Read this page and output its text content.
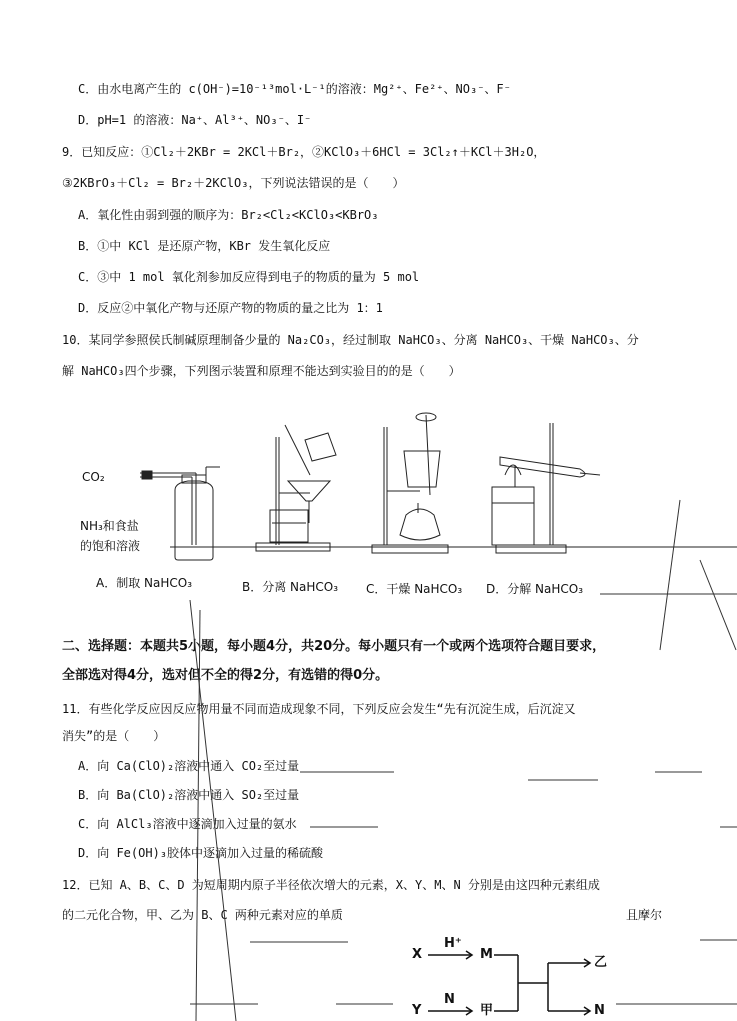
C．由水电离产生的 c(OH⁻)=10⁻¹³mol·L⁻¹的溶液：Mg²⁺、Fe²⁺、NO₃⁻、F⁻
D．pH=1 的溶液：Na⁺、Al³⁺、NO₃⁻、I⁻
9．已知反应：①Cl₂＋2KBr = 2KCl＋Br₂，②KClO₃＋6HCl = 3Cl₂↑＋KCl＋3H₂O，
③2KBrO₃＋Cl₂ = Br₂＋2KClO₃，下列说法错误的是（　　）
A．氧化性由弱到强的顺序为：Br₂<Cl₂<KClO₃<KBrO₃
B．①中 KCl 是还原产物，KBr 发生氧化反应
C．③中 1 mol 氧化剂参加反应得到电子的物质的量为 5 mol
D．反应②中氧化产物与还原产物的物质的量之比为 1：1
10．某同学参照侯氏制碱原理制备少量的 Na₂CO₃，经过制取 NaHCO₃、分离 NaHCO₃、干燥 NaHCO₃、分
解 NaHCO₃四个步骤，下列图示装置和原理不能达到实验目的的是（　　）
CO₂
NH₃和食盐
的饱和溶液
A．制取 NaHCO₃	B．分离 NaHCO₃ C．干燥 NaHCO₃ D．分解 NaHCO₃
二、选择题：本题共5小题，每小题4分，共20分。每小题只有一个或两个选项符合题目要求，
全部选对得4分，选对但不全的得2分，有选错的得0分。
11．有些化学反应因反应物用量不同而造成现象不同，下列反应会发生“先有沉淀生成，后沉淀又
消失”的是（　　）
A．向 Ca(ClO)₂溶液中通入 CO₂至过量
B．向 Ba(ClO)₂溶液中通入 SO₂至过量
C．向 AlCl₃溶液中逐滴加入过量的氨水
D．向 Fe(OH)₃胶体中逐滴加入过量的稀硫酸
12．已知 A、B、C、D 为短周期内原子半径依次增大的元素，X、Y、M、N 分别是由这四种元素组成
的二元化合物，甲、乙为 B、C 两种元素对应的单质	且摩尔
X
H⁺
M
乙
Y
N
甲	N
